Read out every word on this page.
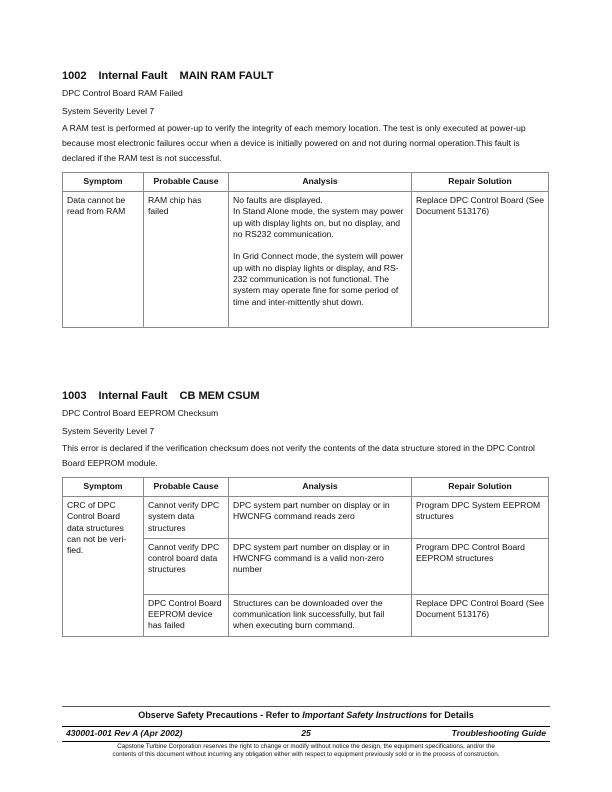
1002 Internal Fault MAIN RAM FAULT

DPC Control Board RAM Failed

System Severity Level 7

A RAM test is performed at power-up to verify the integrity of each memory location. The test is only executed at power-up because most electronic failures occur when a device is initially powered on and not during normal operation.This fault is declared if the RAM test is not successful.

Symptom	Probable Cause	Analysis	Repair Solution

Data cannot be read from RAM	RAM chip has failed	No faults are displayed.
In Stand Alone mode, the system may power up with display lights on, but no display, and no RS232 communication.

In Grid Connect mode, the system will power up with no display lights or display, and RS-232 communication is not functional. The system may operate fine for some period of time and inter-mittently shut down.	Replace DPC Control Board (See Document 513176)

1003 Internal Fault CB MEM CSUM

DPC Control Board EEPROM Checksum

System Severity Level 7

This error is declared if the verification checksum does not verify the contents of the data structure stored in the DPC Control Board EEPROM module.

Symptom	Probable Cause	Analysis	Repair Solution

CRC of DPC Control Board data structures can not be veri-fied.	Cannot verify DPC system data structures	DPC system part number on display or in HWCNFG command reads zero	Program DPC System EEPROM structures

	Cannot verify DPC control board data structures	DPC system part number on display or in HWCNFG command is a valid non-zero number	Program DPC Control Board EEPROM structures

	DPC Control Board EEPROM device has failed	Structures can be downloaded over the communication link successfully, but fail when executing burn command.	Replace DPC Control Board (See Document 513176)
Observe Safety Precautions - Refer to Important Safety Instructions for Details
430001-001 Rev A (Apr 2002)	25	Troubleshooting Guide
Capstone Turbine Corporation reserves the right to change or modify without notice the design, the equipment specifications, and/or the
contents of this document without incurring any obligation either with respect to equipment previously sold or in the process of construction.
